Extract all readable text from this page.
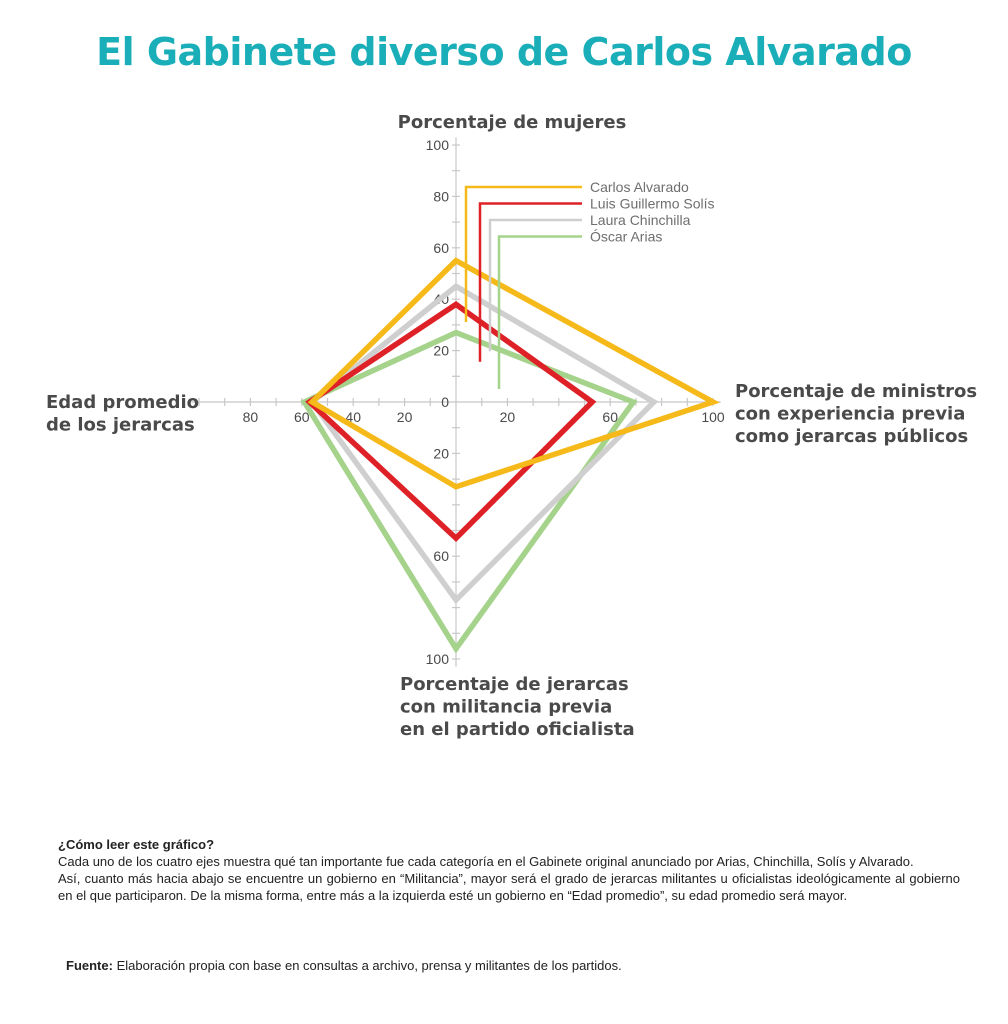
El Gabinete diverso de Carlos Alvarado
20
40
60
80
100
20	60	100
20
60
100
20
40
60
80
0
Carlos Alvarado
Luis Guillermo Solís
Laura Chinchilla
Óscar Arias
Porcentaje de mujeres
Porcentaje de ministros
con experiencia previa
como jerarcas públicos
Porcentaje de jerarcas
con militancia previa
en el partido oficialista
Edad promedio
de los jerarcas
¿Cómo leer este gráfico?

Cada uno de los cuatro ejes muestra qué tan importante fue cada categoría en el Gabinete original anunciado por Arias, Chinchilla, Solís y Alvarado.

Así, cuanto más hacia abajo se encuentre un gobierno en “Militancia”, mayor será el grado de jerarcas militantes u oficialistas ideológicamente al gobierno en el que participaron. De la misma forma, entre más a la izquierda esté un gobierno en “Edad promedio”, su edad promedio será mayor.

Fuente: Elaboración propia con base en consultas a archivo, prensa y militantes de los partidos.
